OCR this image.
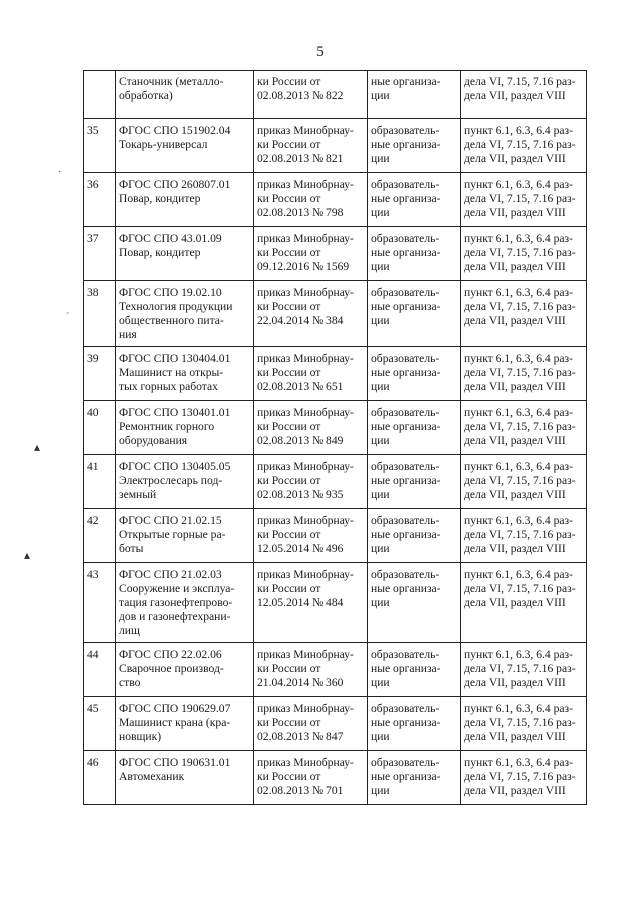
5
˙
ˊ
▴
▴

	Станочник (металло-
обработка)	ки России от
02.08.2013 № 822	ные организа-
ции	дела VI, 7.15, 7.16 раз-
дела VII, раздел VIII

35	ФГОС СПО 151902.04
Токарь-универсал	приказ Минобрнау-
ки России от
02.08.2013 № 821	образователь-
ные организа-
ции	пункт 6.1, 6.3, 6.4 раз-
дела VI, 7.15, 7.16 раз-
дела VII, раздел VIII

36	ФГОС СПО 260807.01
Повар, кондитер	приказ Минобрнау-
ки России от
02.08.2013 № 798	образователь-
ные организа-
ции	пункт 6.1, 6.3, 6.4 раз-
дела VI, 7.15, 7.16 раз-
дела VII, раздел VIII

37	ФГОС СПО 43.01.09
Повар, кондитер	приказ Минобрнау-
ки России от
09.12.2016 № 1569	образователь-
ные организа-
ции	пункт 6.1, 6.3, 6.4 раз-
дела VI, 7.15, 7.16 раз-
дела VII, раздел VIII

38	ФГОС СПО 19.02.10
Технология продукции
общественного пита-
ния	приказ Минобрнау-
ки России от
22.04.2014 № 384	образователь-
ные организа-
ции	пункт 6.1, 6.3, 6.4 раз-
дела VI, 7.15, 7.16 раз-
дела VII, раздел VIII

39	ФГОС СПО 130404.01
Машинист на откры-
тых горных работах	приказ Минобрнау-
ки России от
02.08.2013 № 651	образователь-
ные организа-
ции	пункт 6.1, 6.3, 6.4 раз-
дела VI, 7.15, 7.16 раз-
дела VII, раздел VIII

40	ФГОС СПО 130401.01
Ремонтник горного
оборудования	приказ Минобрнау-
ки России от
02.08.2013 № 849	образователь-
ные организа-
ции	пункт 6.1, 6.3, 6.4 раз-
дела VI, 7.15, 7.16 раз-
дела VII, раздел VIII

41	ФГОС СПО 130405.05
Электрослесарь под-
земный	приказ Минобрнау-
ки России от
02.08.2013 № 935	образователь-
ные организа-
ции	пункт 6.1, 6.3, 6.4 раз-
дела VI, 7.15, 7.16 раз-
дела VII, раздел VIII

42	ФГОС СПО 21.02.15
Открытые горные ра-
боты	приказ Минобрнау-
ки России от
12.05.2014 № 496	образователь-
ные организа-
ции	пункт 6.1, 6.3, 6.4 раз-
дела VI, 7.15, 7.16 раз-
дела VII, раздел VIII

43	ФГОС СПО 21.02.03
Сооружение и эксплуа-
тация газонефтепрово-
дов и газонефтехрани-
лищ	приказ Минобрнау-
ки России от
12.05.2014 № 484	образователь-
ные организа-
ции	пункт 6.1, 6.3, 6.4 раз-
дела VI, 7.15, 7.16 раз-
дела VII, раздел VIII

44	ФГОС СПО 22.02.06
Сварочное производ-
ство	приказ Минобрнау-
ки России от
21.04.2014 № 360	образователь-
ные организа-
ции	пункт 6.1, 6.3, 6.4 раз-
дела VI, 7.15, 7.16 раз-
дела VII, раздел VIII

45	ФГОС СПО 190629.07
Машинист крана (кра-
новщик)	приказ Минобрнау-
ки России от
02.08.2013 № 847	образователь-
ные организа-
ции	пункт 6.1, 6.3, 6.4 раз-
дела VI, 7.15, 7.16 раз-
дела VII, раздел VIII

46	ФГОС СПО 190631.01
Автомеханик	приказ Минобрнау-
ки России от
02.08.2013 № 701	образователь-
ные организа-
ции	пункт 6.1, 6.3, 6.4 раз-
дела VI, 7.15, 7.16 раз-
дела VII, раздел VIII
